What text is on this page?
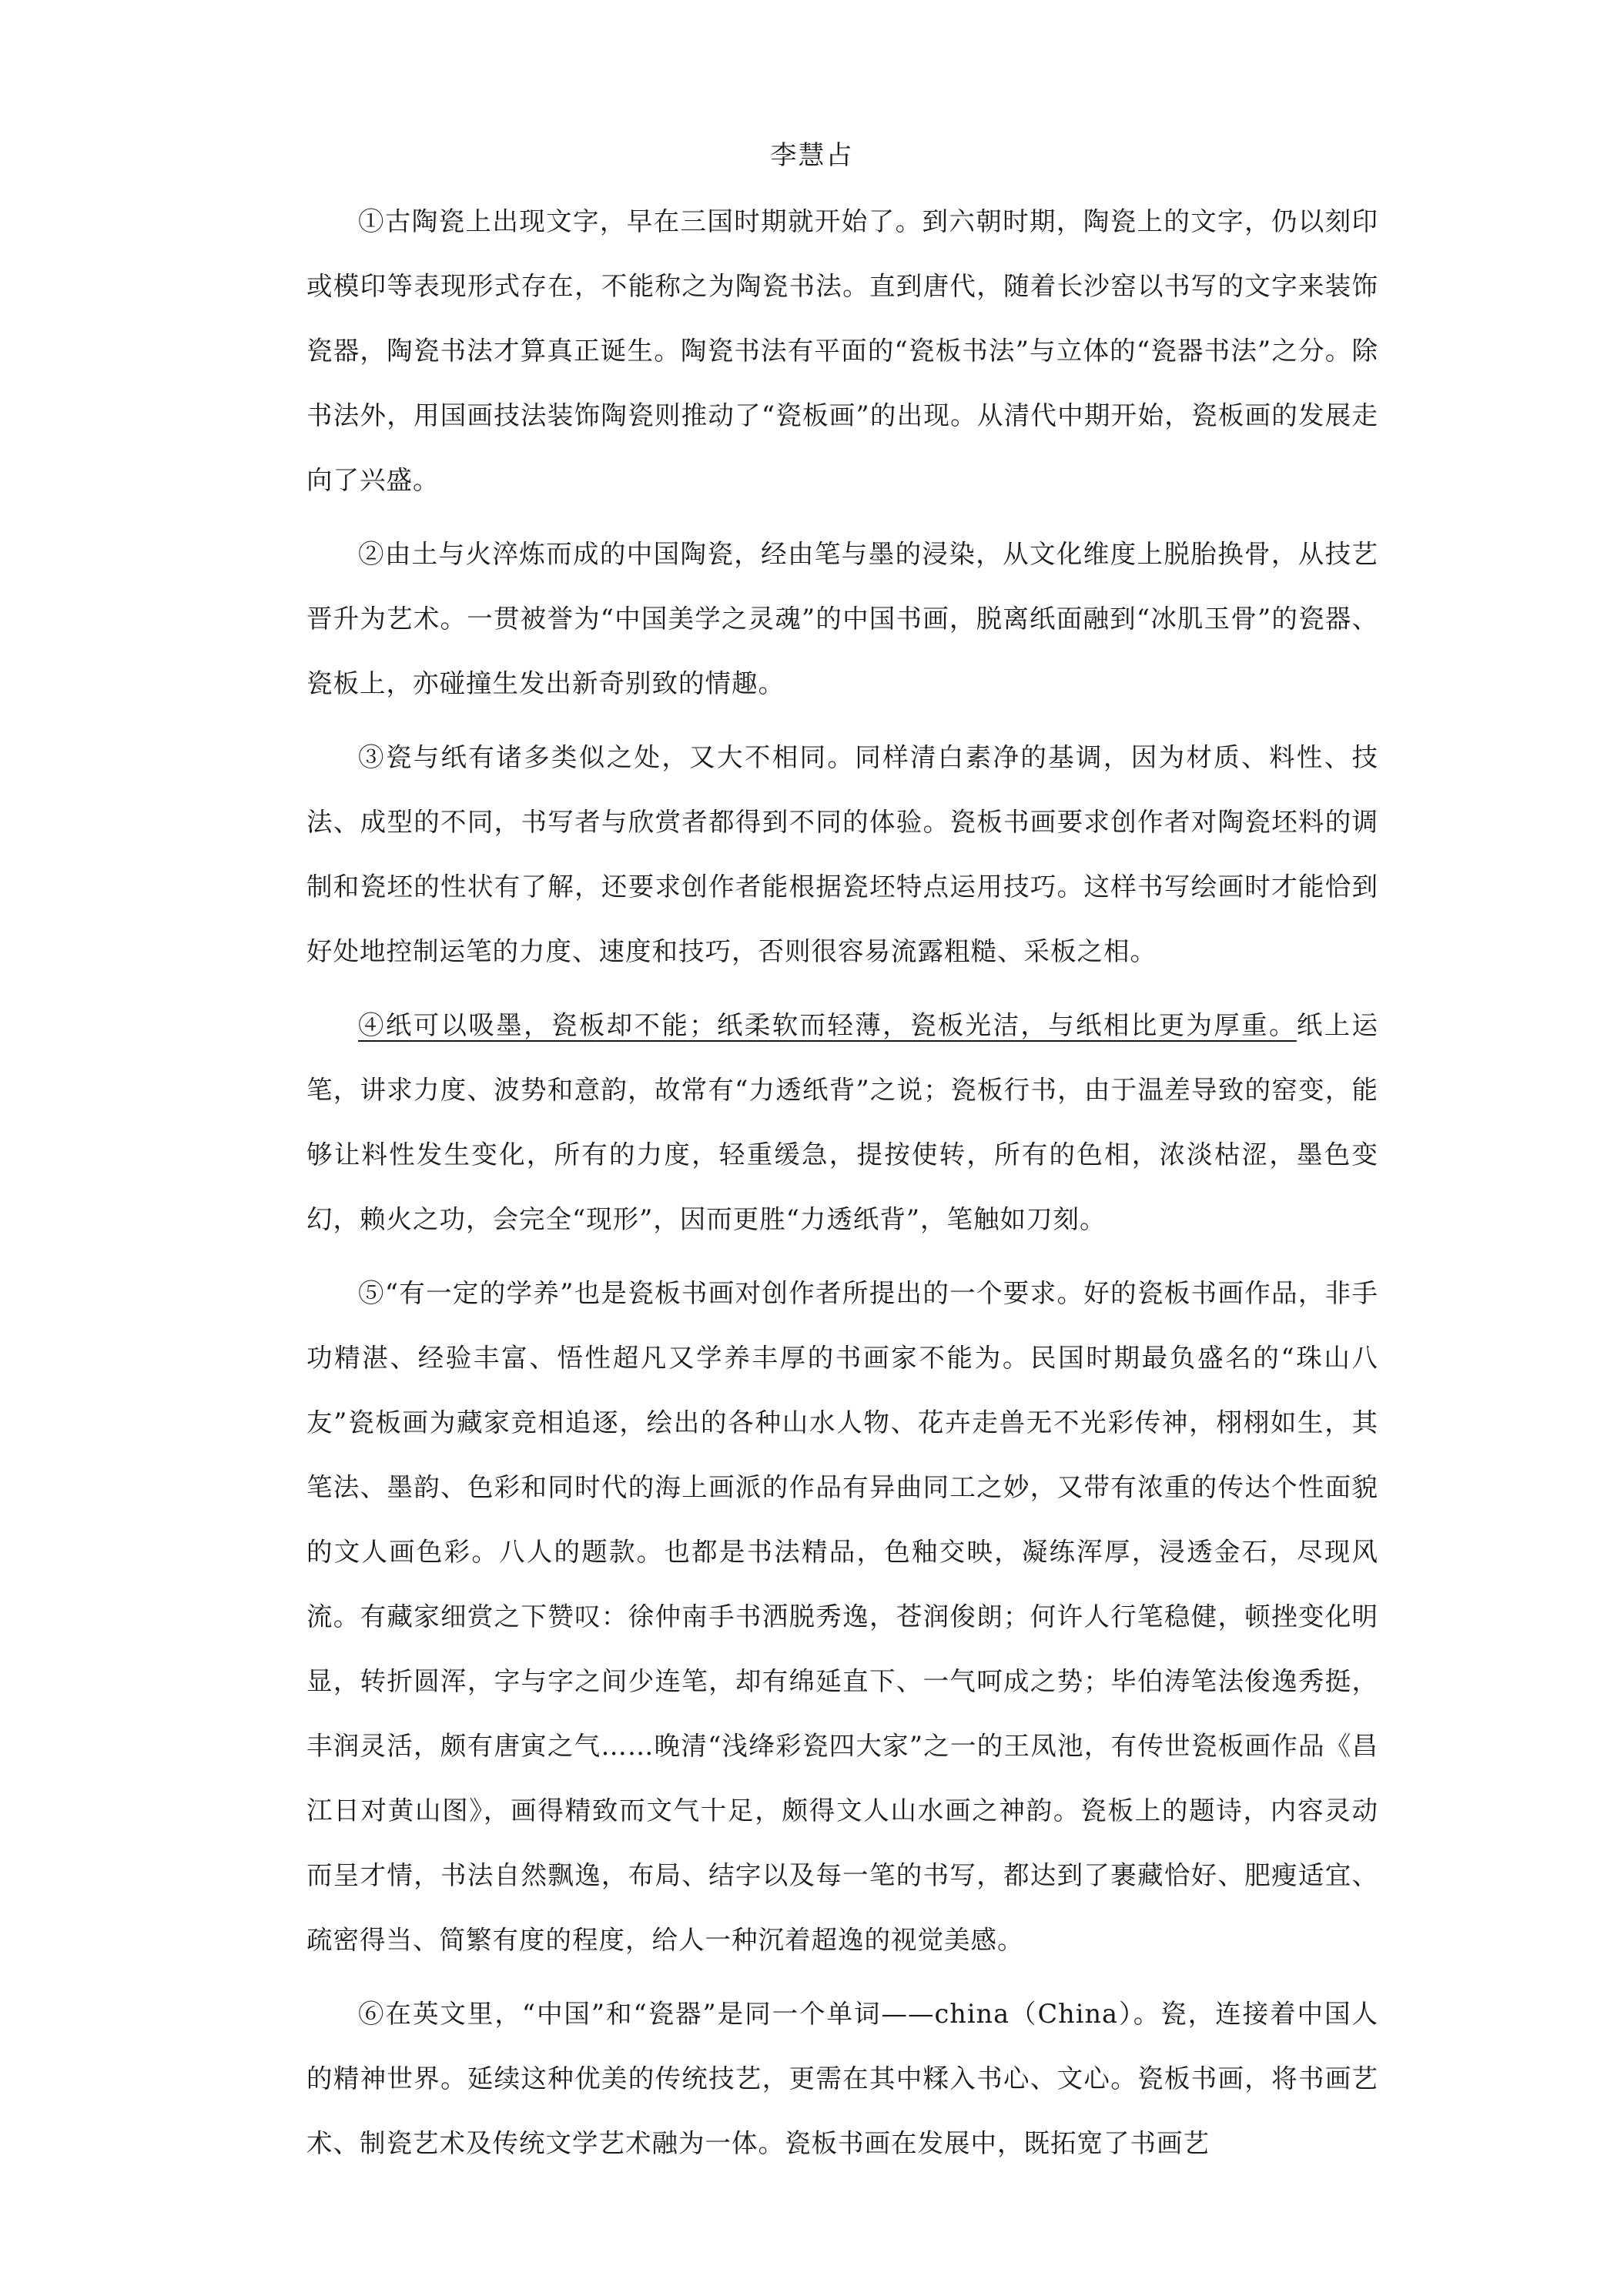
李慧占

①古陶瓷上出现文字，早在三国时期就开始了。到六朝时期，陶瓷上的文字，仍以刻印或模印等表现形式存在，不能称之为陶瓷书法。直到唐代，随着长沙窑以书写的文字来装饰瓷器，陶瓷书法才算真正诞生。陶瓷书法有平面的“瓷板书法”与立体的“瓷器书法”之分。除书法外，用国画技法装饰陶瓷则推动了“瓷板画”的出现。从清代中期开始，瓷板画的发展走向了兴盛。

②由土与火淬炼而成的中国陶瓷，经由笔与墨的浸染，从文化维度上脱胎换骨，从技艺晋升为艺术。一贯被誉为“中国美学之灵魂”的中国书画，脱离纸面融到“冰肌玉骨”的瓷器、瓷板上，亦碰撞生发出新奇别致的情趣。

③瓷与纸有诸多类似之处，又大不相同。同样清白素净的基调，因为材质、料性、技法、成型的不同，书写者与欣赏者都得到不同的体验。瓷板书画要求创作者对陶瓷坯料的调制和瓷坯的性状有了解，还要求创作者能根据瓷坯特点运用技巧。这样书写绘画时才能恰到好处地控制运笔的力度、速度和技巧，否则很容易流露粗糙、采板之相。

④纸可以吸墨，瓷板却不能；纸柔软而轻薄，瓷板光洁，与纸相比更为厚重。纸上运笔，讲求力度、波势和意韵，故常有“力透纸背”之说；瓷板行书，由于温差导致的窑变，能够让料性发生变化，所有的力度，轻重缓急，提按使转，所有的色相，浓淡枯涩，墨色变幻，赖火之功，会完全“现形”，因而更胜“力透纸背”，笔触如刀刻。

⑤“有一定的学养”也是瓷板书画对创作者所提出的一个要求。好的瓷板书画作品，非手功精湛、经验丰富、悟性超凡又学养丰厚的书画家不能为。民国时期最负盛名的“珠山八友”瓷板画为藏家竞相追逐，绘出的各种山水人物、花卉走兽无不光彩传神，栩栩如生，其笔法、墨韵、色彩和同时代的海上画派的作品有异曲同工之妙，又带有浓重的传达个性面貌的文人画色彩。八人的题款。也都是书法精品，色釉交映，凝练浑厚，浸透金石，尽现风流。有藏家细赏之下赞叹：徐仲南手书洒脱秀逸，苍润俊朗；何许人行笔稳健，顿挫变化明显，转折圆浑，字与字之间少连笔，却有绵延直下、一气呵成之势；毕伯涛笔法俊逸秀挺，丰润灵活，颇有唐寅之气……晚清“浅绛彩瓷四大家”之一的王凤池，有传世瓷板画作品《昌江日对黄山图》，画得精致而文气十足，颇得文人山水画之神韵。瓷板上的题诗，内容灵动而呈才情，书法自然飘逸，布局、结字以及每一笔的书写，都达到了裹藏恰好、肥瘦适宜、疏密得当、简繁有度的程度，给人一种沉着超逸的视觉美感。

⑥在英文里，“中国”和“瓷器”是同一个单词——china（China）。瓷，连接着中国人的精神世界。延续这种优美的传统技艺，更需在其中糅入书心、文心。瓷板书画，将书画艺术、制瓷艺术及传统文学艺术融为一体。瓷板书画在发展中，既拓宽了书画艺
